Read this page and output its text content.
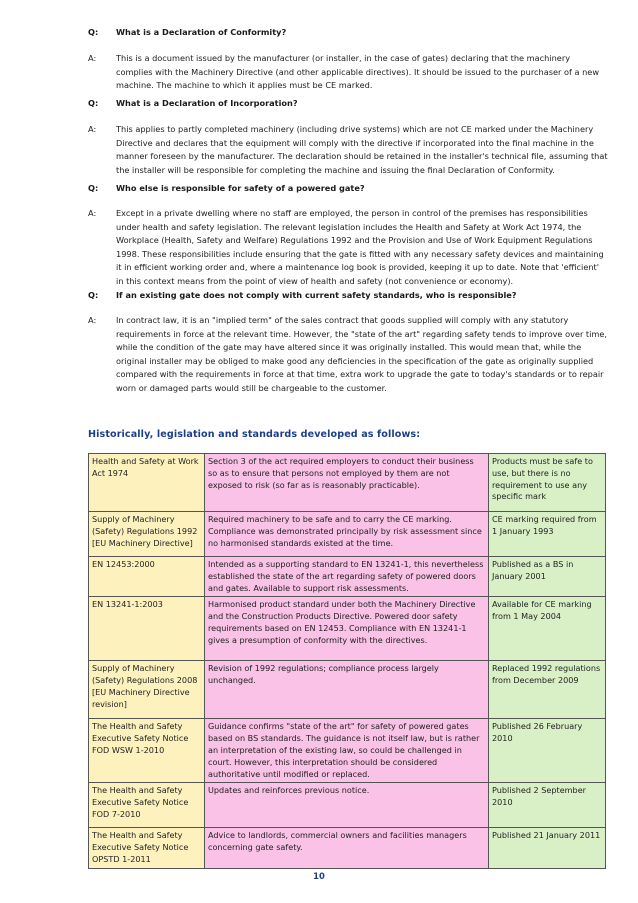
Q: What is a Declaration of Conformity?
A: This is a document issued by the manufacturer (or installer, in the case of gates) declaring that the machinery complies with the Machinery Directive (and other applicable directives). It should be issued to the purchaser of a new machine. The machine to which it applies must be CE marked.
Q: What is a Declaration of Incorporation?
A: This applies to partly completed machinery (including drive systems) which are not CE marked under the Machinery Directive and declares that the equipment will comply with the directive if incorporated into the final machine in the manner foreseen by the manufacturer. The declaration should be retained in the installer's technical file, assuming that the installer will be responsible for completing the machine and issuing the final Declaration of Conformity.
Q: Who else is responsible for safety of a powered gate?
A: Except in a private dwelling where no staff are employed, the person in control of the premises has responsibilities under health and safety legislation. The relevant legislation includes the Health and Safety at Work Act 1974, the Workplace (Health, Safety and Welfare) Regulations 1992 and the Provision and Use of Work Equipment Regulations 1998. These responsibilities include ensuring that the gate is fitted with any necessary safety devices and maintaining it in efficient working order and, where a maintenance log book is provided, keeping it up to date. Note that 'efficient' in this context means from the point of view of health and safety (not convenience or economy).
Q: If an existing gate does not comply with current safety standards, who is responsible?
A: In contract law, it is an "implied term" of the sales contract that goods supplied will comply with any statutory requirements in force at the relevant time. However, the "state of the art" regarding safety tends to improve over time, while the condition of the gate may have altered since it was originally installed. This would mean that, while the original installer may be obliged to make good any deficiencies in the specification of the gate as originally supplied compared with the requirements in force at that time, extra work to upgrade the gate to today's standards or to repair worn or damaged parts would still be chargeable to the customer.
Historically, legislation and standards developed as follows:
Health and Safety at Work Act 1974	Section 3 of the act required employers to conduct their business so as to ensure that persons not employed by them are not exposed to risk (so far as is reasonably practicable).	Products must be safe to use, but there is no requirement to use any specific mark
Supply of Machinery (Safety) Regulations 1992 [EU Machinery Directive]	Required machinery to be safe and to carry the CE marking. Compliance was demonstrated principally by risk assessment since no harmonised standards existed at the time.	CE marking required from 1 January 1993
EN 12453:2000	Intended as a supporting standard to EN 13241-1, this nevertheless established the state of the art regarding safety of powered doors and gates. Available to support risk assessments.	Published as a BS in January 2001
EN 13241-1:2003	Harmonised product standard under both the Machinery Directive and the Construction Products Directive. Powered door safety requirements based on EN 12453. Compliance with EN 13241-1 gives a presumption of conformity with the directives.	Available for CE marking from 1 May 2004
Supply of Machinery (Safety) Regulations 2008 [EU Machinery Directive revision]	Revision of 1992 regulations; compliance process largely unchanged.	Replaced 1992 regulations from December 2009
The Health and Safety Executive Safety Notice FOD WSW 1-2010	Guidance confirms "state of the art" for safety of powered gates based on BS standards. The guidance is not itself law, but is rather an interpretation of the existing law, so could be challenged in court. However, this interpretation should be considered authoritative until modified or replaced.	Published 26 February 2010
The Health and Safety Executive Safety Notice FOD 7-2010	Updates and reinforces previous notice.	Published 2 September 2010
The Health and Safety Executive Safety Notice OPSTD 1-2011	Advice to landlords, commercial owners and facilities managers concerning gate safety.	Published 21 January 2011
10
